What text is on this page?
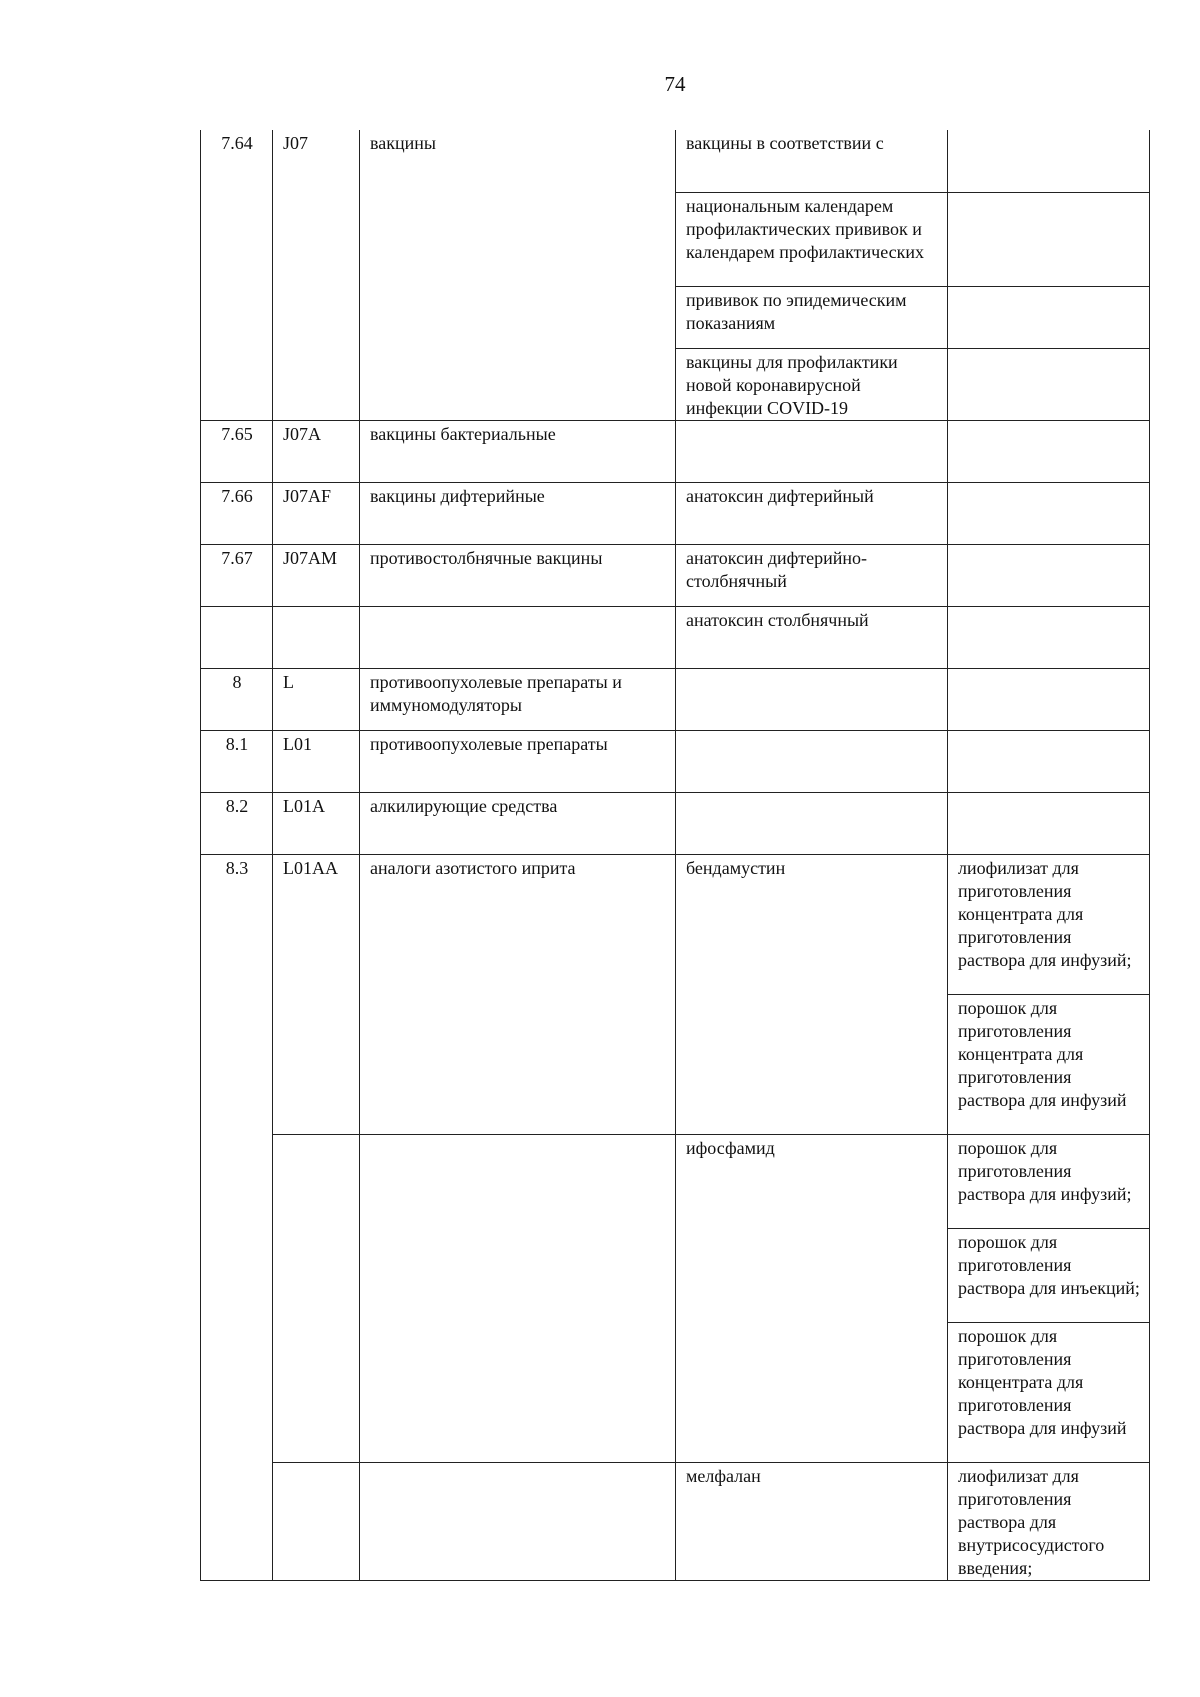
74
7.64	J07	вакцины	вакцины в соответствии с	
			национальным календарем профилактических прививок и календарем профилактических	
			прививок по эпидемическим показаниям	
			вакцины для профилактики новой коронавирусной инфекции COVID-19	
7.65	J07A	вакцины бактериальные		
7.66	J07AF	вакцины дифтерийные	анатоксин дифтерийный	
7.67	J07AM	противостолбнячные вакцины	анатоксин дифтерийно-столбнячный	
			анатоксин столбнячный	
8	L	противоопухолевые препараты и иммуномодуляторы		
8.1	L01	противоопухолевые препараты		
8.2	L01A	алкилирующие средства		
8.3	L01AA	аналоги азотистого иприта	бендамустин	лиофилизат для приготовления концентрата для приготовления раствора для инфузий;
				порошок для приготовления концентрата для приготовления раствора для инфузий
			ифосфамид	порошок для приготовления раствора для инфузий;
				порошок для приготовления раствора для инъекций;
				порошок для приготовления концентрата для приготовления раствора для инфузий
			мелфалан	лиофилизат для приготовления раствора для внутрисосудистого введения;
